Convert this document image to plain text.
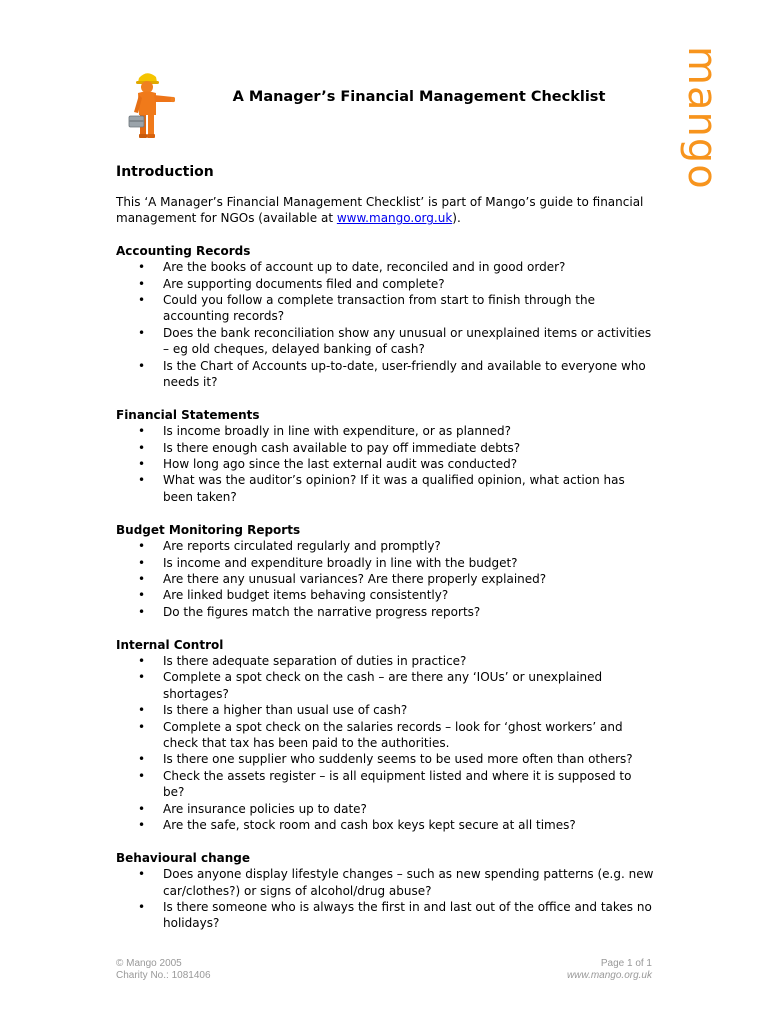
mango
A Manager’s Financial Management Checklist
Introduction
This ‘A Manager’s Financial Management Checklist’ is part of Mango’s guide to financial management for NGOs (available at www.mango.org.uk).
Accounting Records
• Are the books of account up to date, reconciled and in good order?
• Are supporting documents filed and complete?
• Could you follow a complete transaction from start to finish through the accounting records?
• Does the bank reconciliation show any unusual or unexplained items or activities – eg old cheques, delayed banking of cash?
• Is the Chart of Accounts up-to-date, user-friendly and available to everyone who needs it?
Financial Statements
• Is income broadly in line with expenditure, or as planned?
• Is there enough cash available to pay off immediate debts?
• How long ago since the last external audit was conducted?
• What was the auditor’s opinion? If it was a qualified opinion, what action has been taken?
Budget Monitoring Reports
• Are reports circulated regularly and promptly?
• Is income and expenditure broadly in line with the budget?
• Are there any unusual variances? Are there properly explained?
• Are linked budget items behaving consistently?
• Do the figures match the narrative progress reports?
Internal Control
• Is there adequate separation of duties in practice?
• Complete a spot check on the cash – are there any ‘IOUs’ or unexplained shortages?
• Is there a higher than usual use of cash?
• Complete a spot check on the salaries records – look for ‘ghost workers’ and check that tax has been paid to the authorities.
• Is there one supplier who suddenly seems to be used more often than others?
• Check the assets register – is all equipment listed and where it is supposed to be?
• Are insurance policies up to date?
• Are the safe, stock room and cash box keys kept secure at all times?
Behavioural change
• Does anyone display lifestyle changes – such as new spending patterns (e.g. new car/clothes?) or signs of alcohol/drug abuse?
• Is there someone who is always the first in and last out of the office and takes no holidays?
© Mango 2005
Charity No.: 1081406
Page 1 of 1
www.mango.org.uk
